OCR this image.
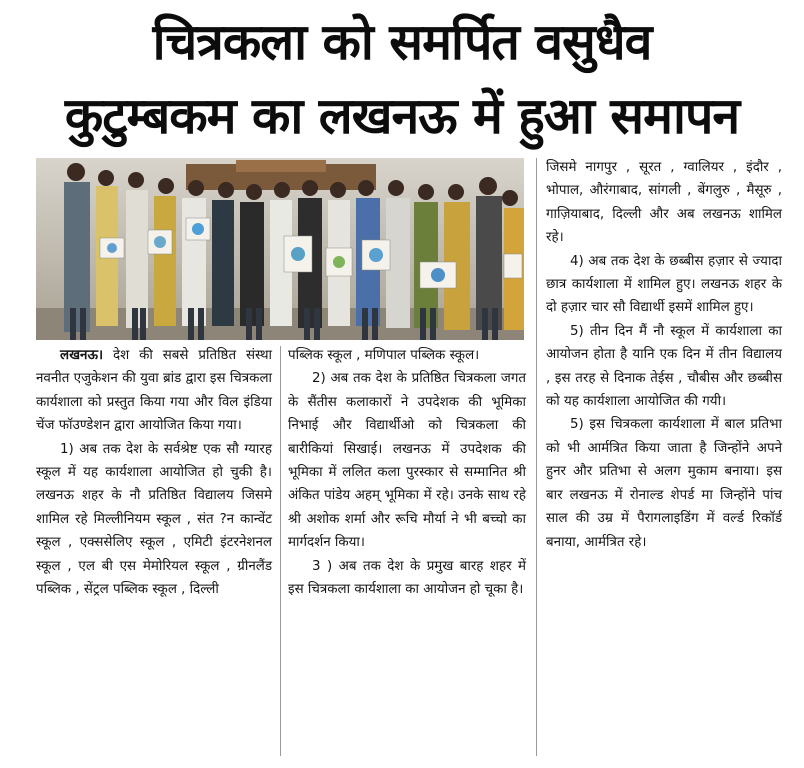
चित्रकला को समर्पित वसुधैव
कुटुम्बकम का लखनऊ में हुआ समापन

लखनऊ। देश की सबसे प्रतिष्ठित संस्था नवनीत एजुकेशन की युवा ब्रांड द्वारा इस चित्रकला कार्यशाला को प्रस्तुत किया गया और विल इंडिया चेंज फॉउण्डेशन द्वारा आयोजित किया गया।

1) अब तक देश के सर्वश्रेष्ट एक सौ ग्यारह स्कूल में यह कार्यशाला आयोजित हो चुकी है। लखनऊ शहर के नौ प्रतिष्ठित विद्यालय जिसमे शामिल रहे मिल्लीनियम स्कूल , संत ?न कान्वेंट स्कूल , एक्ससेलिए स्कूल , एमिटी इंटरनेशनल स्कूल , एल बी एस मेमोरियल स्कूल , ग्रीनलैंड पब्लिक , सेंट्रल पब्लिक स्कूल , दिल्ली

पब्लिक स्कूल , मणिपाल पब्लिक स्कूल।

2) अब तक देश के प्रतिष्ठित चित्रकला जगत के सैंतीस कलाकारों ने उपदेशक की भूमिका निभाई और विद्यार्थीओ को चित्रकला की बारीकियां सिखाई। लखनऊ में उपदेशक की भूमिका में ललित कला पुरस्कार से सम्मानित श्री अंकित पांडेय अहम् भूमिका में रहे। उनके साथ रहे श्री अशोक शर्मा और रूचि मौर्या ने भी बच्चो का मार्गदर्शन किया।

3 ) अब तक देश के प्रमुख बारह शहर में इस चित्रकला कार्यशाला का आयोजन हो चूका है।

जिसमे नागपुर , सूरत , ग्वालियर , इंदौर , भोपाल, औरंगाबाद, सांगली , बेंगलुरु , मैसूरु , गाज़ियाबाद, दिल्ली और अब लखनऊ शामिल रहे।

4) अब तक देश के छब्बीस हज़ार से ज्यादा छात्र कार्यशाला में शामिल हुए। लखनऊ शहर के दो हज़ार चार सौ विद्यार्थी इसमें शामिल हुए।

5) तीन दिन मैं नौ स्कूल में कार्यशाला का आयोजन होता है यानि एक दिन में तीन विद्यालय , इस तरह से दिनाक तेईस , चौबीस और छब्बीस को यह कार्यशाला आयोजित की गयी।

5) इस चित्रकला कार्यशाला में बाल प्रतिभा को भी आर्मत्रित किया जाता है जिन्होंने अपने हुनर और प्रतिभा से अलग मुकाम बनाया। इस बार लखनऊ में रोनाल्ड शेपर्ड मा जिन्होंने पांच साल की उम्र में पैरागलाइडिंग में वर्ल्ड रिकॉर्ड बनाया, आर्मत्रित रहे।
